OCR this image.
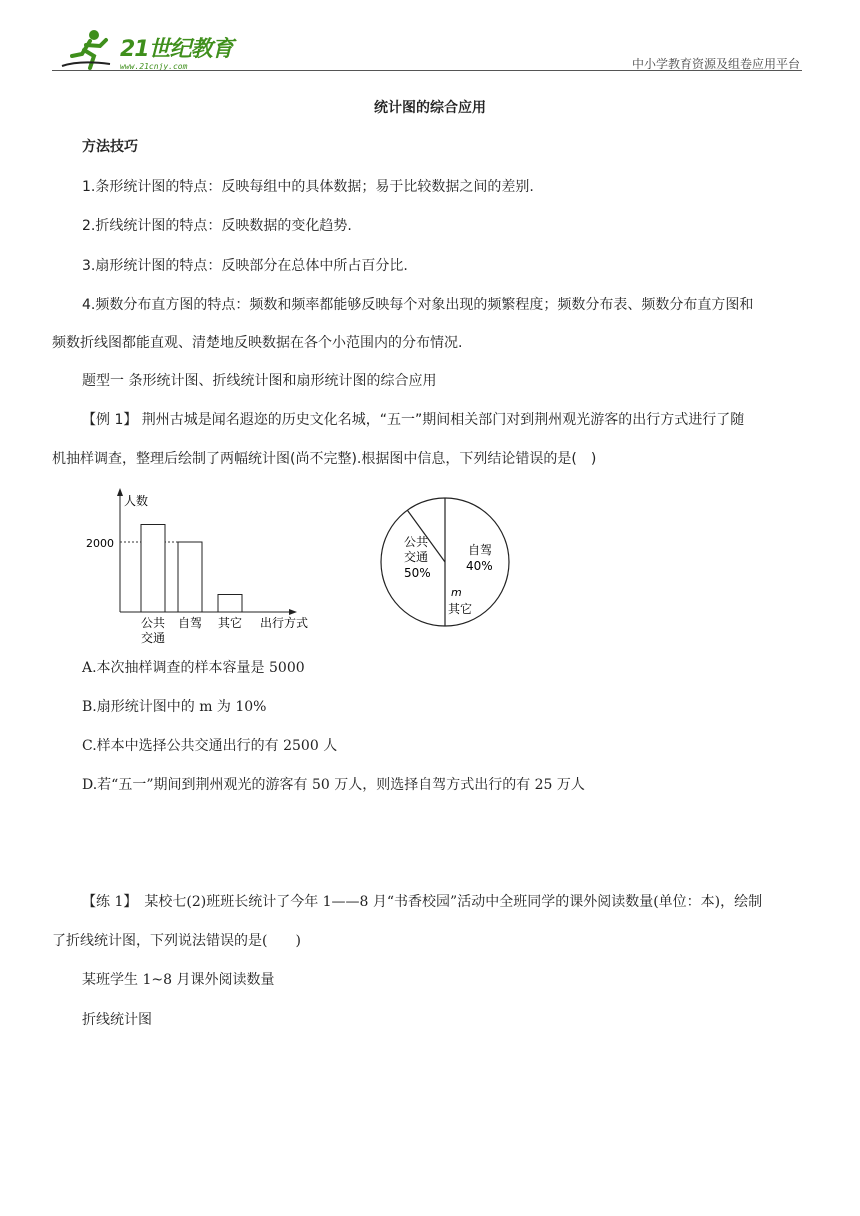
21世纪教育
www.21cnjy.com	中小学教育资源及组卷应用平台
统计图的综合应用
方法技巧
1.条形统计图的特点：反映每组中的具体数据；易于比较数据之间的差别.
2.折线统计图的特点：反映数据的变化趋势.
3.扇形统计图的特点：反映部分在总体中所占百分比.
4.频数分布直方图的特点：频数和频率都能够反映每个对象出现的频繁程度；频数分布表、频数分布直方图和
频数折线图都能直观、清楚地反映数据在各个小范围内的分布情况.
题型一 条形统计图、折线统计图和扇形统计图的综合应用
【例 1】 荆州古城是闻名遐迩的历史文化名城，“五一”期间相关部门对到荆州观光游客的出行方式进行了随
机抽样调查，整理后绘制了两幅统计图(尚不完整).根据图中信息，下列结论错误的是(　)
人数
2000
公共
交通
自驾 其它 出行方式
公共
交通
50%
自驾
40%
m
其它
A.本次抽样调查的样本容量是 5000
B.扇形统计图中的 m 为 10%
C.样本中选择公共交通出行的有 2500 人
D.若“五一”期间到荆州观光的游客有 50 万人，则选择自驾方式出行的有 25 万人
【练 1】　某校七(2)班班长统计了今年 1——8 月“书香校园”活动中全班同学的课外阅读数量(单位：本)，绘制
了折线统计图，下列说法错误的是(　　)
某班学生 1~8 月课外阅读数量
折线统计图
